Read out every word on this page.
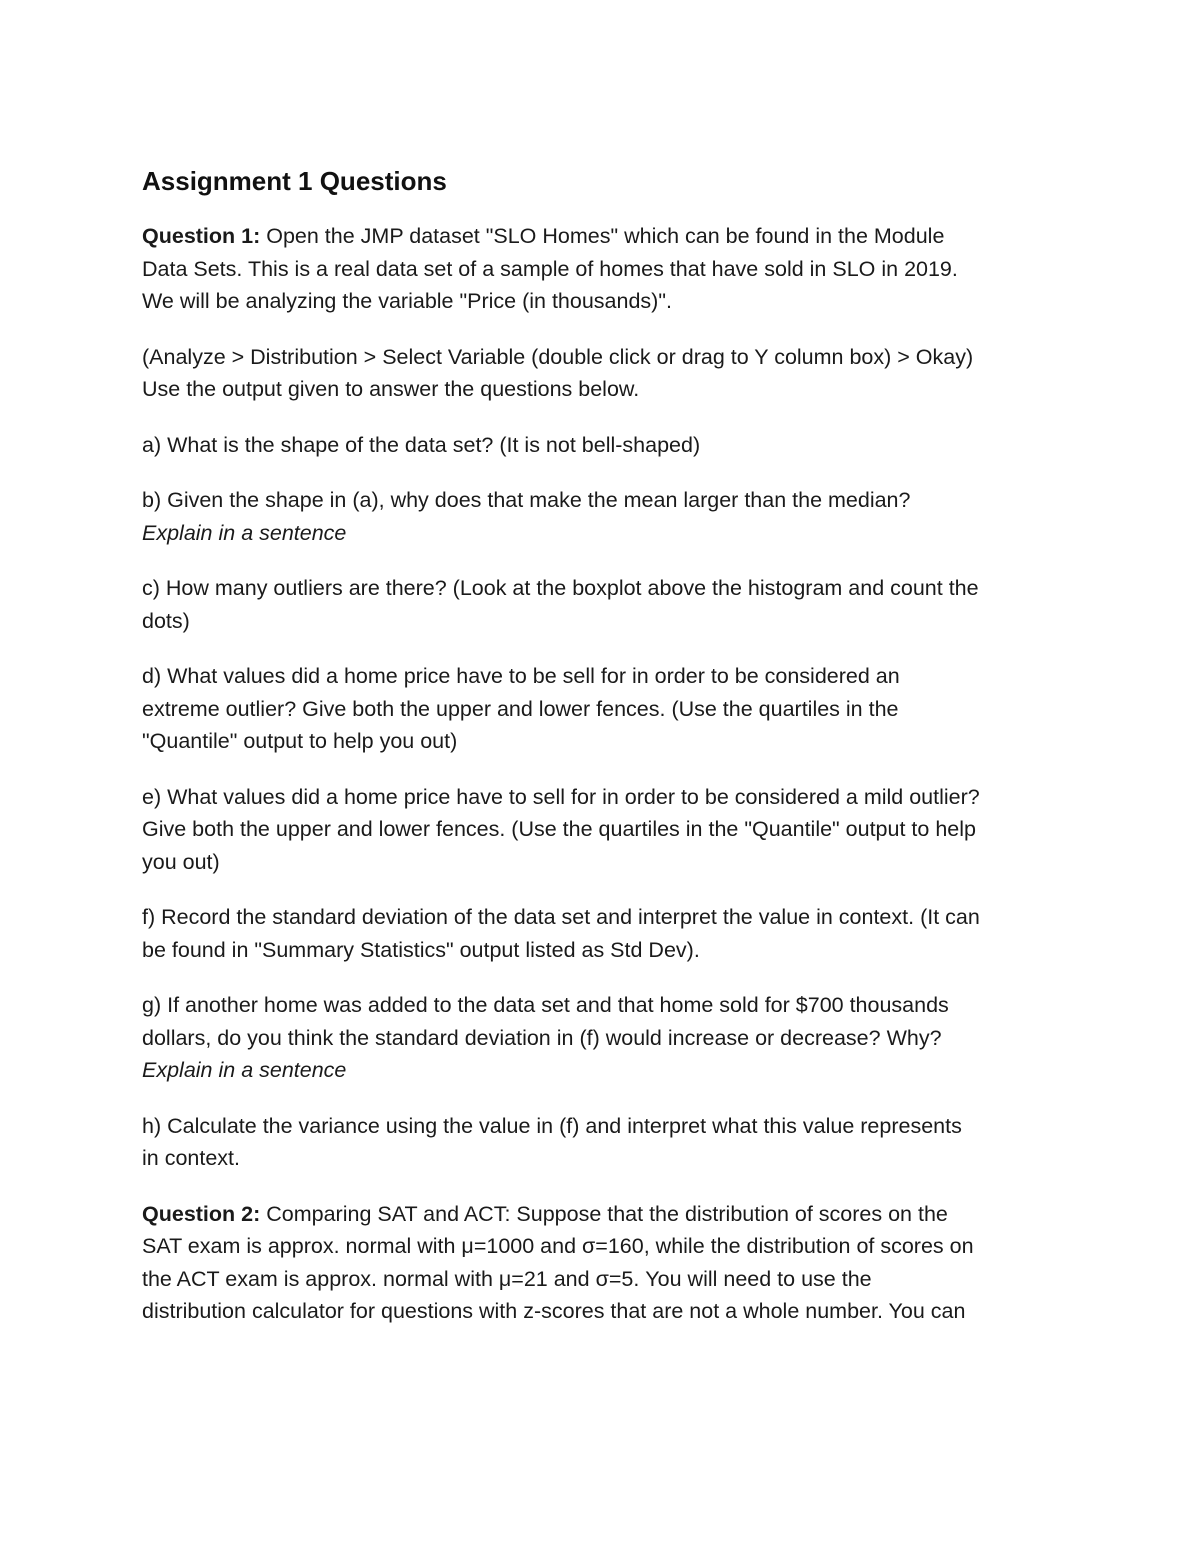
Assignment 1 Questions
Question 1: Open the JMP dataset "SLO Homes" which can be found in the Module
Data Sets. This is a real data set of a sample of homes that have sold in SLO in 2019.
We will be analyzing the variable "Price (in thousands)".
(Analyze > Distribution > Select Variable (double click or drag to Y column box) > Okay)
Use the output given to answer the questions below.
a) What is the shape of the data set? (It is not bell-shaped)
b) Given the shape in (a), why does that make the mean larger than the median?
Explain in a sentence
c) How many outliers are there? (Look at the boxplot above the histogram and count the
dots)
d) What values did a home price have to be sell for in order to be considered an
extreme outlier? Give both the upper and lower fences. (Use the quartiles in the
"Quantile" output to help you out)
e) What values did a home price have to sell for in order to be considered a mild outlier?
Give both the upper and lower fences. (Use the quartiles in the "Quantile" output to help
you out)
f) Record the standard deviation of the data set and interpret the value in context. (It can
be found in "Summary Statistics" output listed as Std Dev).
g) If another home was added to the data set and that home sold for $700 thousands
dollars, do you think the standard deviation in (f) would increase or decrease? Why?
Explain in a sentence
h) Calculate the variance using the value in (f) and interpret what this value represents
in context.
Question 2: Comparing SAT and ACT: Suppose that the distribution of scores on the
SAT exam is approx. normal with μ=1000 and σ=160, while the distribution of scores on
the ACT exam is approx. normal with μ=21 and σ=5. You will need to use the
distribution calculator for questions with z-scores that are not a whole number. You can
